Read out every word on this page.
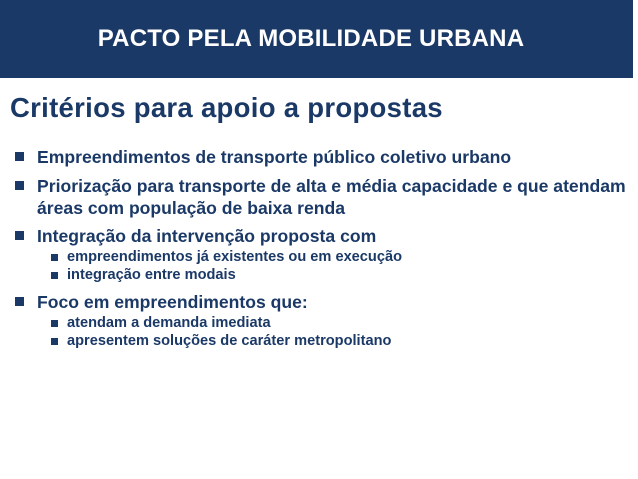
PACTO PELA MOBILIDADE URBANA
Critérios para apoio a propostas
Empreendimentos de transporte público coletivo urbano
Priorização para transporte de alta e média capacidade e que atendam áreas com população de baixa renda
Integração da intervenção proposta com
empreendimentos já existentes ou em execução
integração entre modais
Foco em empreendimentos que:
atendam a demanda imediata
apresentem soluções de caráter metropolitano
